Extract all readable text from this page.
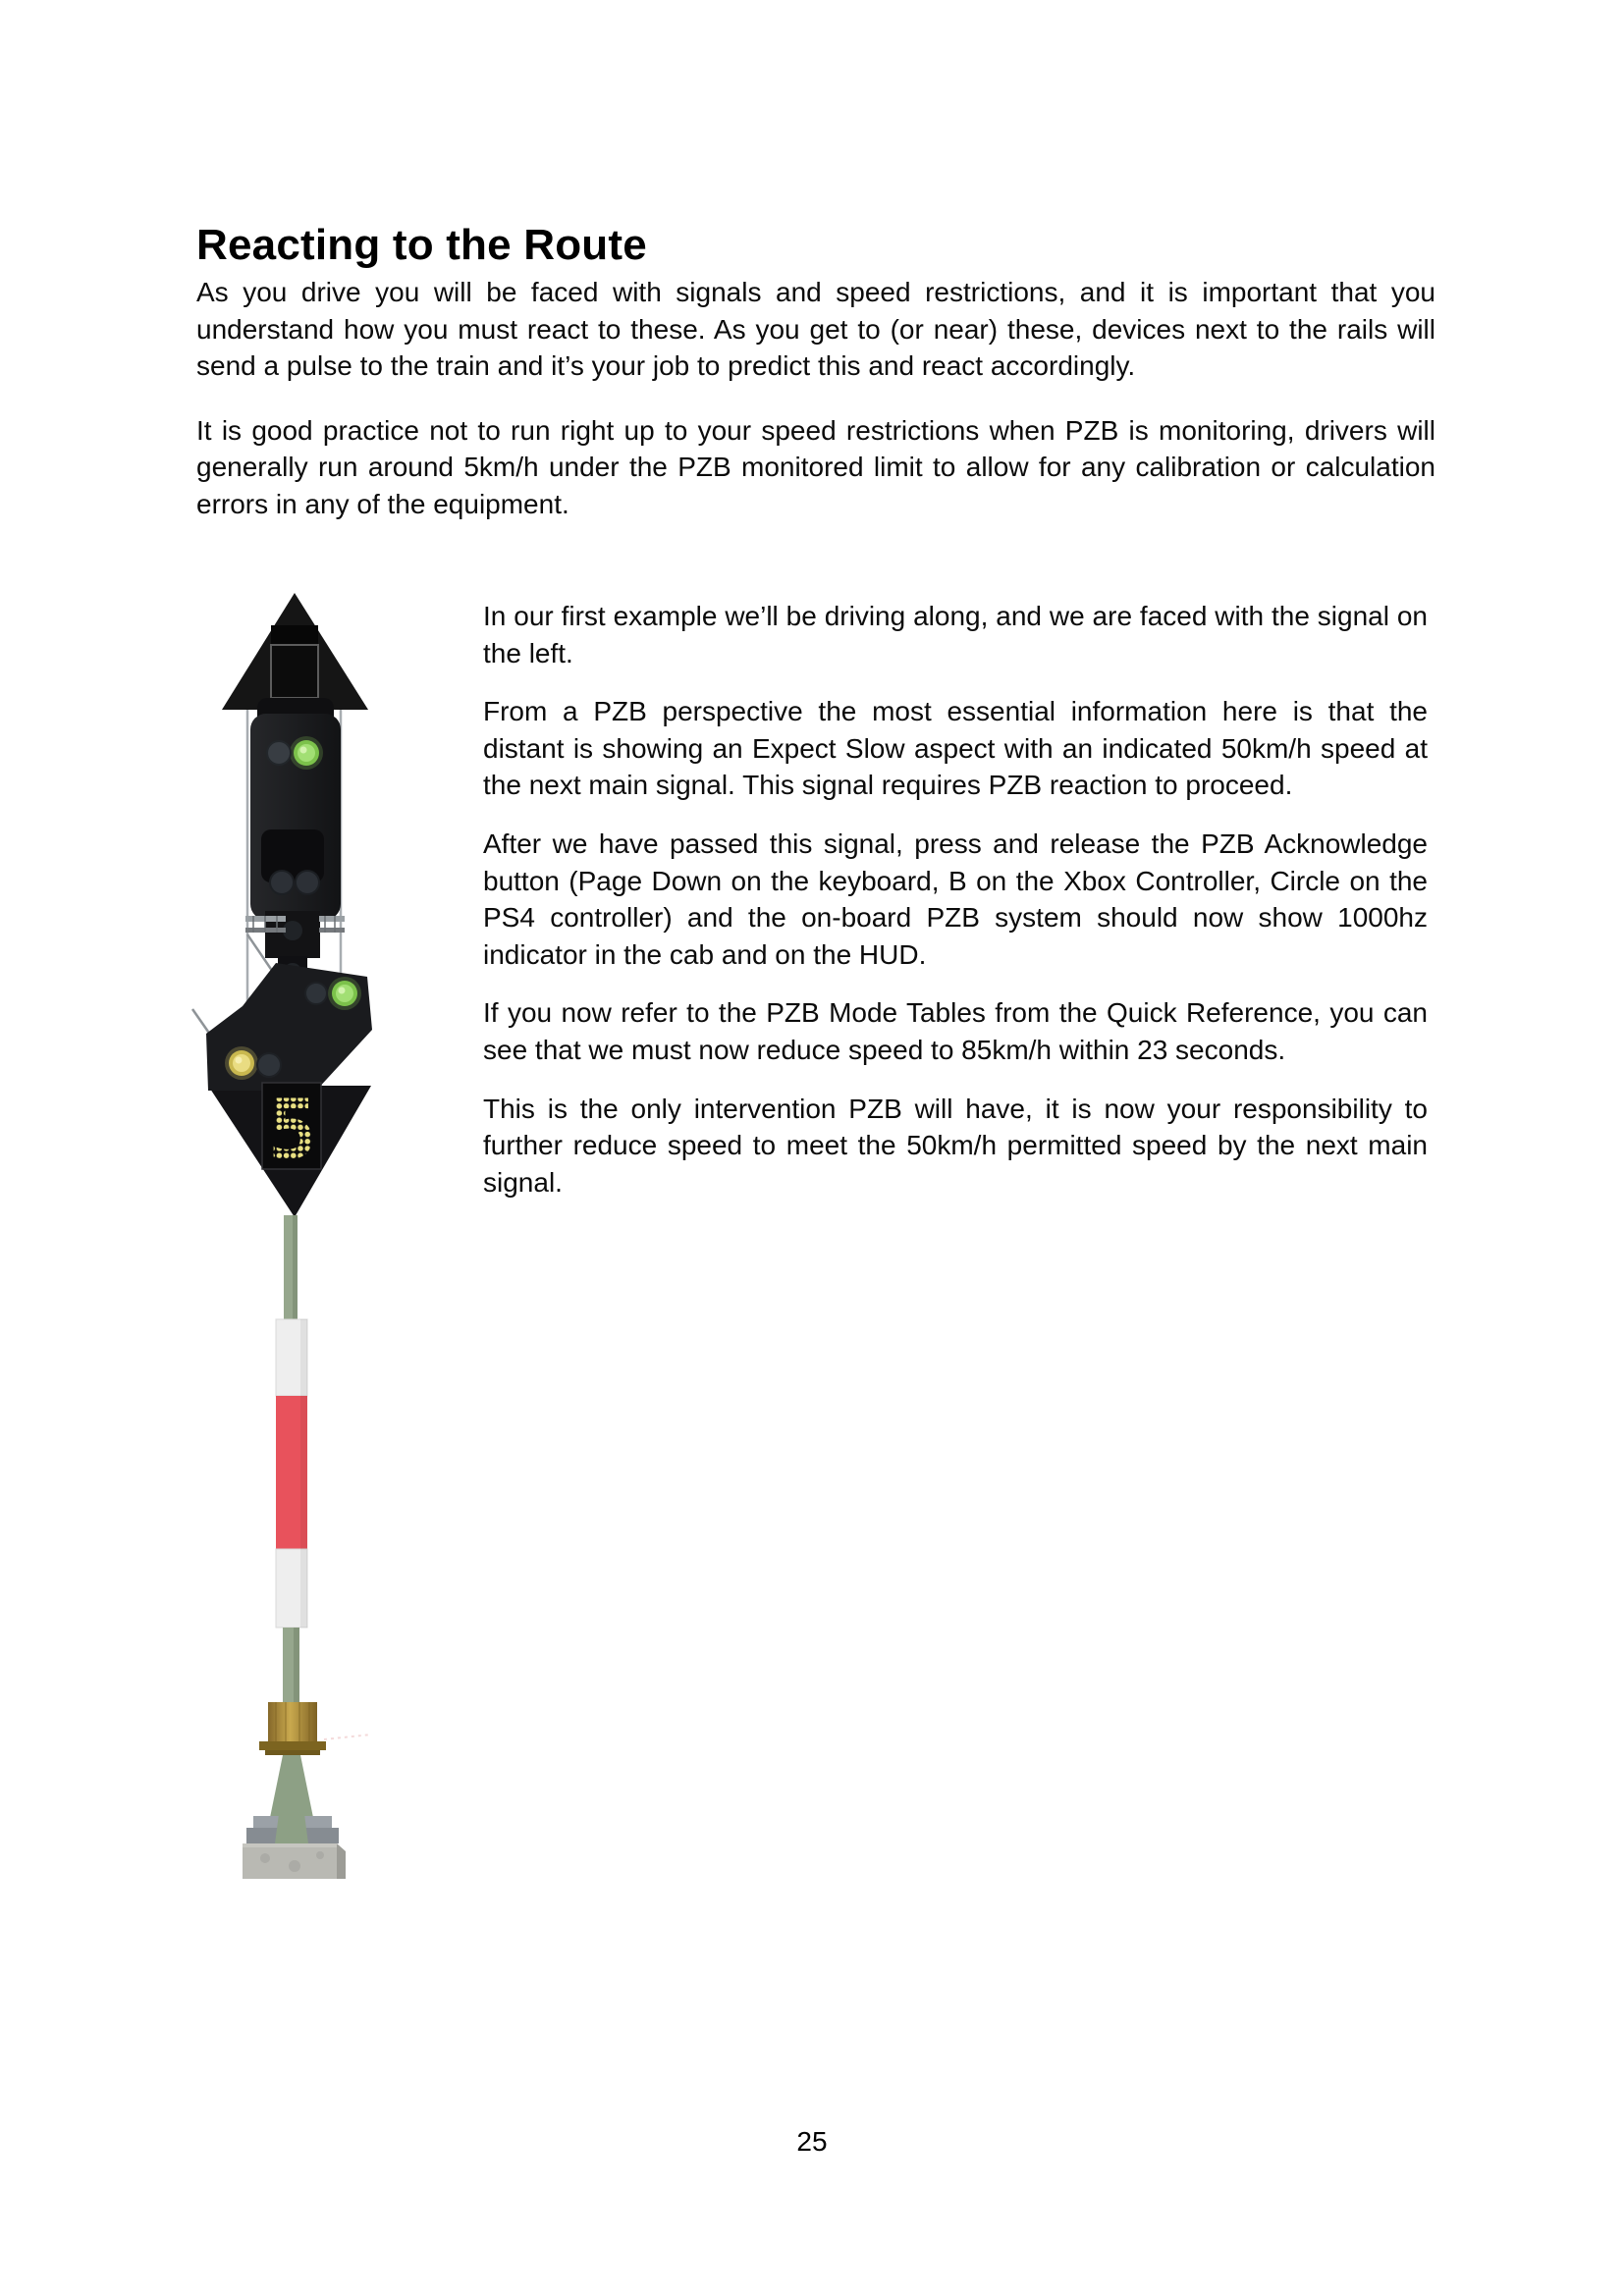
Reacting to the Route

As you drive you will be faced with signals and speed restrictions, and it is important that you understand how you must react to these. As you get to (or near) these, devices next to the rails will send a pulse to the train and it’s your job to predict this and react accordingly.

It is good practice not to run right up to your speed restrictions when PZB is monitoring, drivers will generally run around 5km/h under the PZB monitored limit to allow for any calibration or calculation errors in any of the equipment.

5

In our first example we’ll be driving along, and we are faced with the signal on the left.

From a PZB perspective the most essential information here is that the distant is showing an Expect Slow aspect with an indicated 50km/h speed at the next main signal. This signal requires PZB reaction to proceed.

After we have passed this signal, press and release the PZB Acknowledge button (Page Down on the keyboard, B on the Xbox Controller, Circle on the PS4 controller) and the on-board PZB system should now show 1000hz indicator in the cab and on the HUD.

If you now refer to the PZB Mode Tables from the Quick Reference, you can see that we must now reduce speed to 85km/h within 23 seconds.

This is the only intervention PZB will have, it is now your responsibility to further reduce speed to meet the 50km/h permitted speed by the next main signal.

25
